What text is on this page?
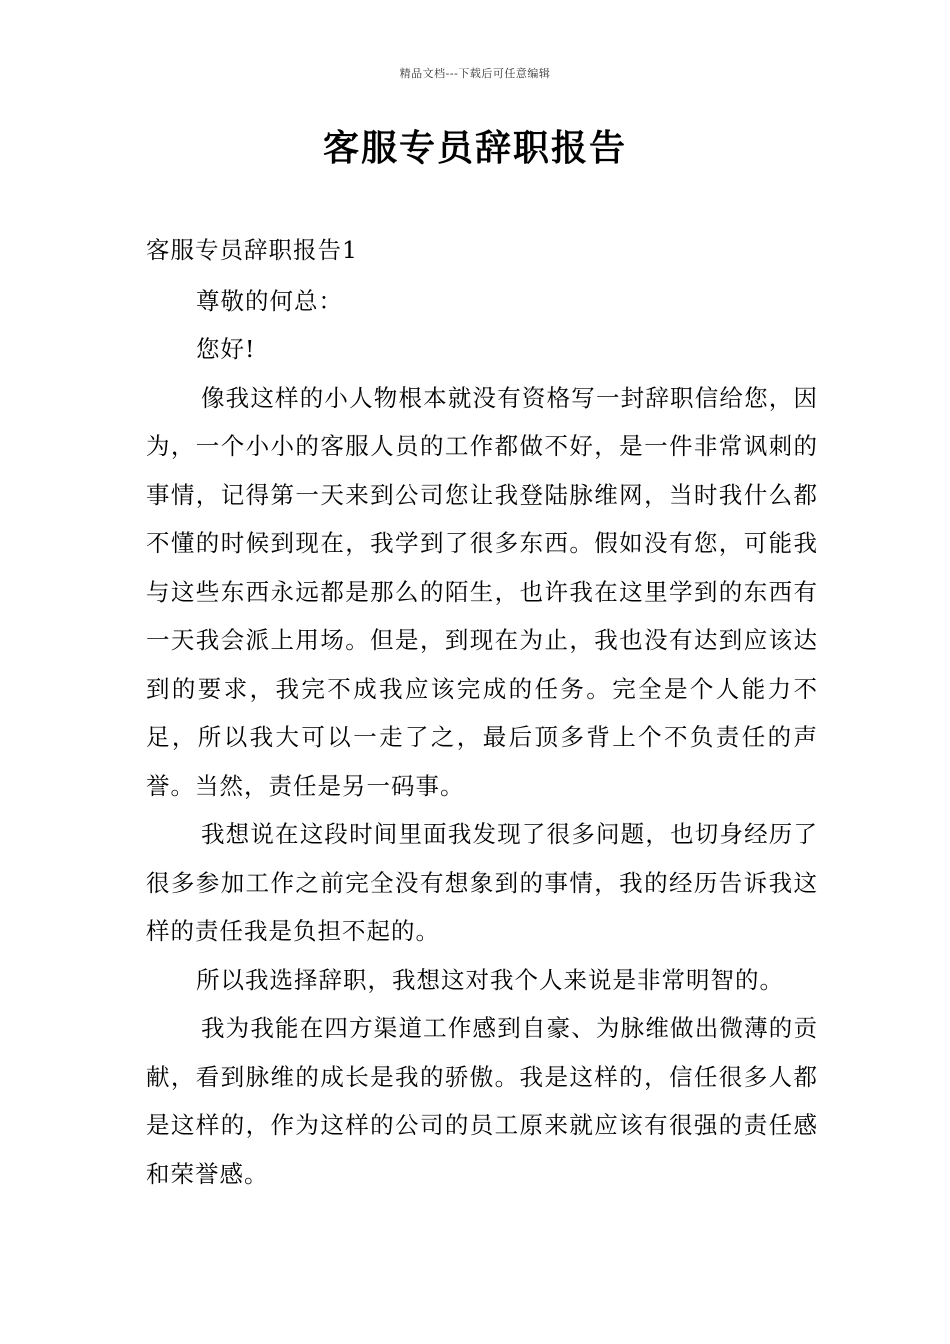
精品文档---下载后可任意编辑
客服专员辞职报告

客服专员辞职报告1

尊敬的何总：

您好!

像我这样的小人物根本就没有资格写一封辞职信给您，因为，一个小小的客服人员的工作都做不好，是一件非常讽刺的事情，记得第一天来到公司您让我登陆脉维网，当时我什么都不懂的时候到现在，我学到了很多东西。假如没有您，可能我与这些东西永远都是那么的陌生，也许我在这里学到的东西有一天我会派上用场。但是，到现在为止，我也没有达到应该达到的要求，我完不成我应该完成的任务。完全是个人能力不足，所以我大可以一走了之，最后顶多背上个不负责任的声誉。当然，责任是另一码事。

我想说在这段时间里面我发现了很多问题，也切身经历了很多参加工作之前完全没有想象到的事情，我的经历告诉我这样的责任我是负担不起的。

所以我选择辞职，我想这对我个人来说是非常明智的。

我为我能在四方渠道工作感到自豪、为脉维做出微薄的贡献，看到脉维的成长是我的骄傲。我是这样的，信任很多人都是这样的，作为这样的公司的员工原来就应该有很强的责任感和荣誉感。
